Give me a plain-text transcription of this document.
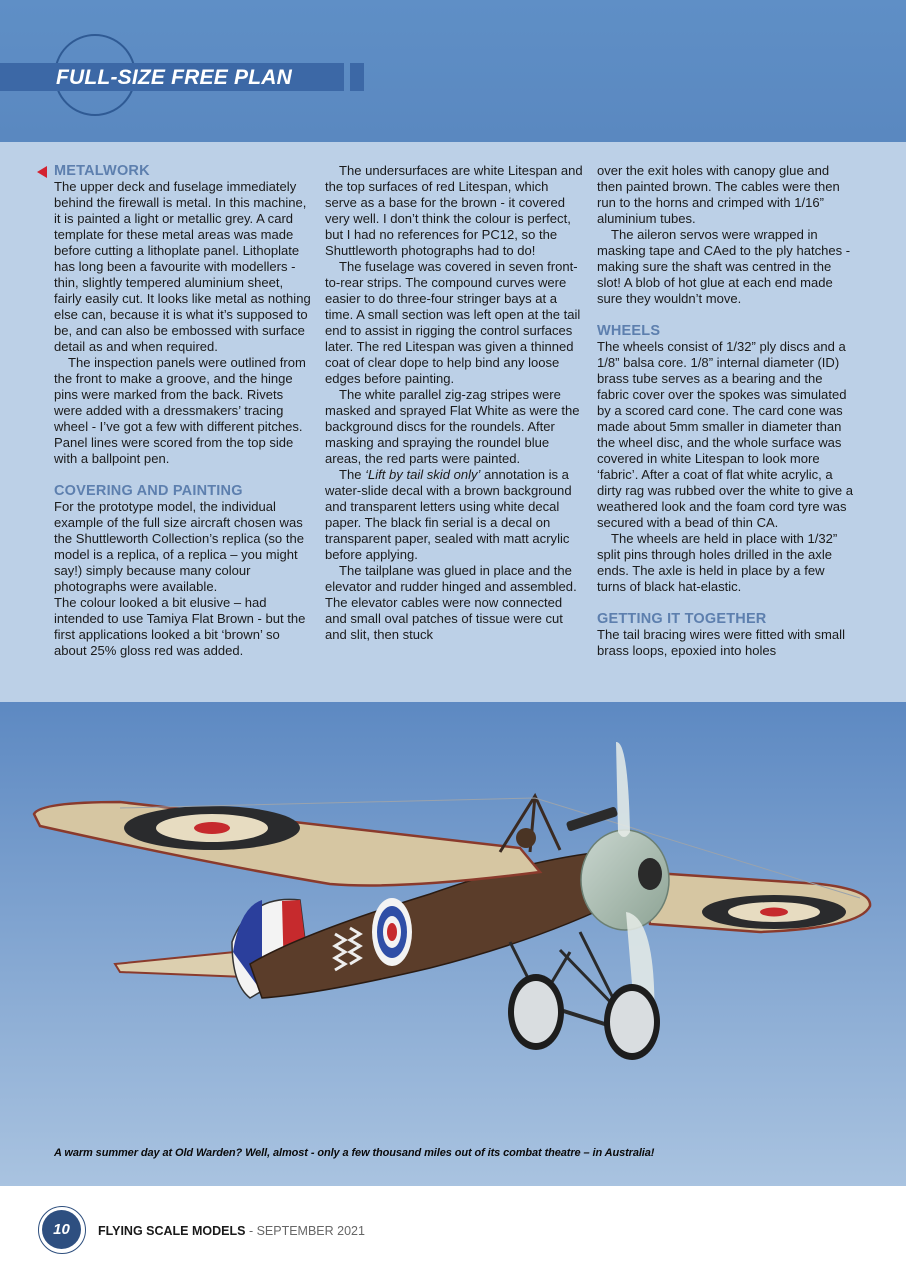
FULL-SIZE FREE PLAN
METALWORK

The upper deck and fuselage immediately behind the firewall is metal. In this machine, it is painted a light or metallic grey. A card template for these metal areas was made before cutting a lithoplate panel. Lithoplate has long been a favourite with modellers - thin, slightly tempered aluminium sheet, fairly easily cut. It looks like metal as nothing else can, because it is what it’s supposed to be, and can also be embossed with surface detail as and when required.

The inspection panels were outlined from the front to make a groove, and the hinge pins were marked from the back. Rivets were added with a dressmakers’ tracing wheel - I’ve got a few with different pitches. Panel lines were scored from the top side with a ballpoint pen.

COVERING AND PAINTING

For the prototype model, the individual example of the full size aircraft chosen was the Shuttleworth Collection’s replica (so the model is a replica, of a replica – you might say!) simply because many colour photographs were available.

The colour looked a bit elusive – had intended to use Tamiya Flat Brown - but the first applications looked a bit ‘brown’ so about 25% gloss red was added.

The undersurfaces are white Litespan and the top surfaces of red Litespan, which serve as a base for the brown - it covered very well. I don’t think the colour is perfect, but I had no references for PC12, so the Shuttleworth photographs had to do!

The fuselage was covered in seven front-to-rear strips. The compound curves were easier to do three-four stringer bays at a time. A small section was left open at the tail end to assist in rigging the control surfaces later. The red Litespan was given a thinned coat of clear dope to help bind any loose edges before painting.

The white parallel zig-zag stripes were masked and sprayed Flat White as were the background discs for the roundels. After masking and spraying the roundel blue areas, the red parts were painted.

The ‘Lift by tail skid only’ annotation is a water-slide decal with a brown background and transparent letters using white decal paper. The black fin serial is a decal on transparent paper, sealed with matt acrylic before applying.

The tailplane was glued in place and the elevator and rudder hinged and assembled. The elevator cables were now connected and small oval patches of tissue were cut and slit, then stuck

over the exit holes with canopy glue and then painted brown. The cables were then run to the horns and crimped with 1/16” aluminium tubes.

The aileron servos were wrapped in masking tape and CAed to the ply hatches - making sure the shaft was centred in the slot! A blob of hot glue at each end made sure they wouldn’t move.

WHEELS

The wheels consist of 1/32” ply discs and a 1/8” balsa core. 1/8” internal diameter (ID) brass tube serves as a bearing and the fabric cover over the spokes was simulated by a scored card cone. The card cone was made about 5mm smaller in diameter than the wheel disc, and the whole surface was covered in white Litespan to look more ‘fabric’. After a coat of flat white acrylic, a dirty rag was rubbed over the white to give a weathered look and the foam cord tyre was secured with a bead of thin CA.

The wheels are held in place with 1/32” split pins through holes drilled in the axle ends. The axle is held in place by a few turns of black hat-elastic.

GETTING IT TOGETHER

The tail bracing wires were fitted with small brass loops, epoxied into holes

A warm summer day at Old Warden? Well, almost - only a few thousand miles out of its combat theatre – in Australia!
10	FLYING SCALE MODELS - SEPTEMBER 2021
